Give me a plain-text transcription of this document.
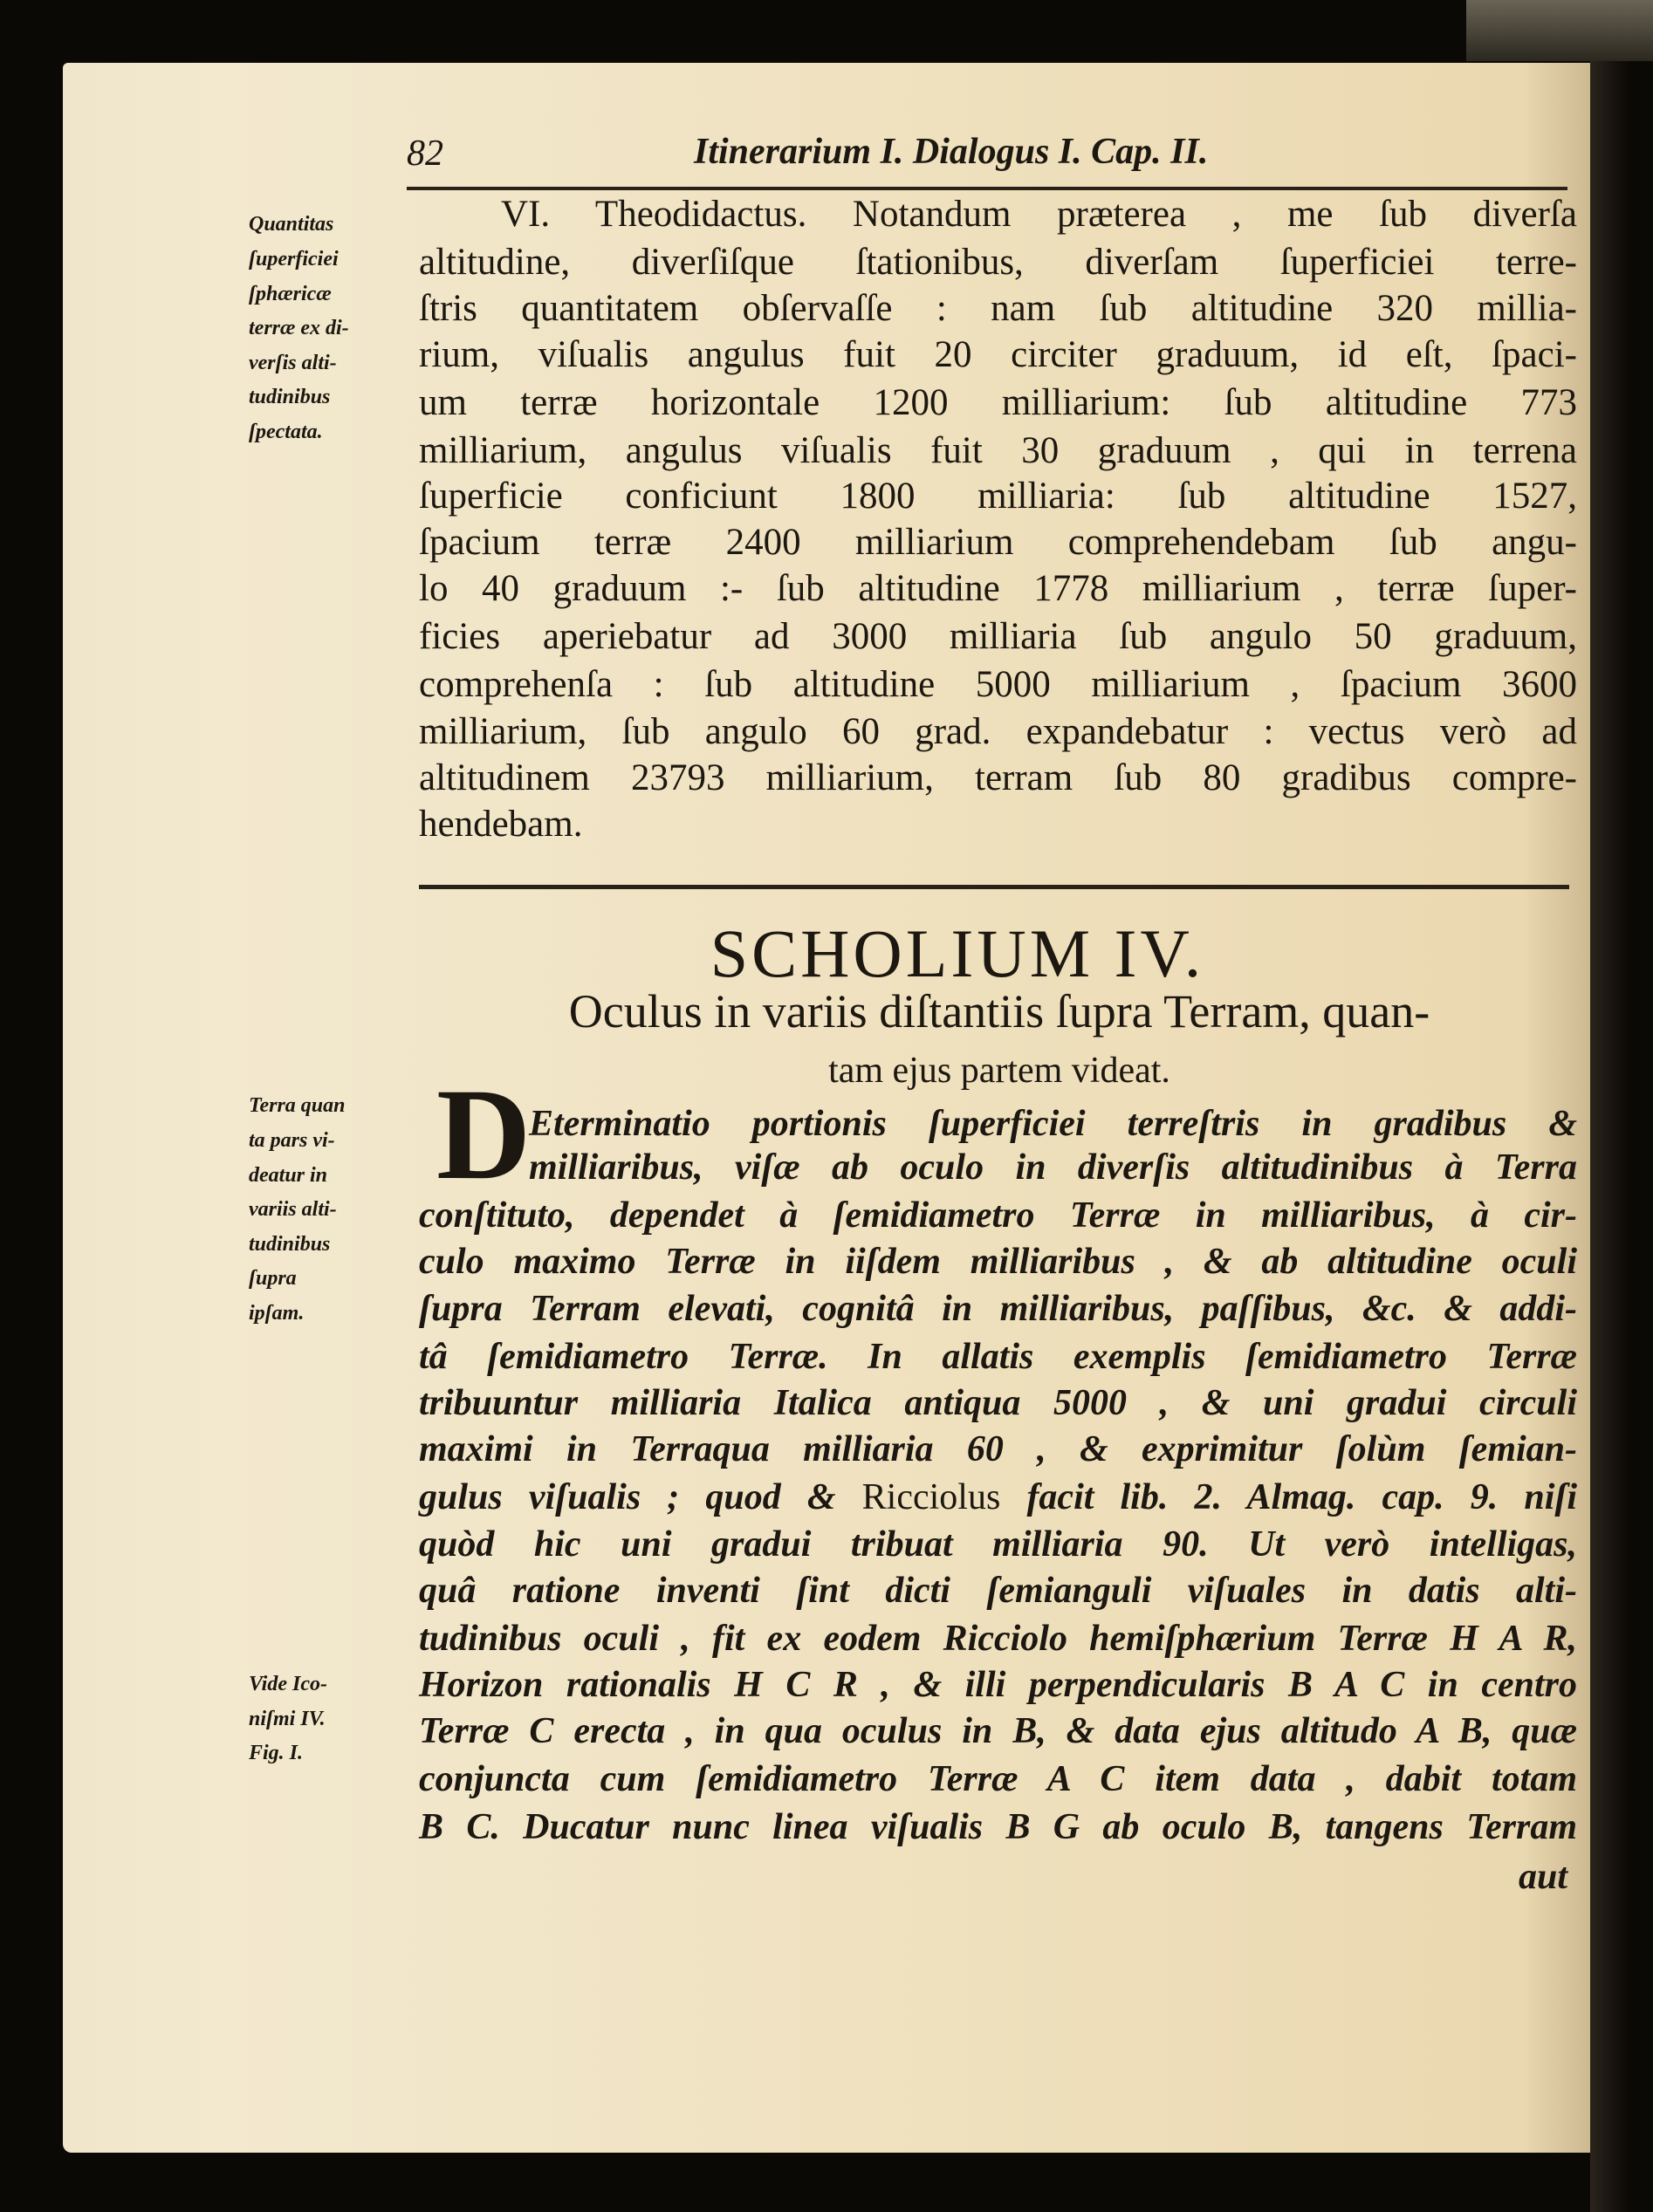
82	Itinerarium I. Dialogus I. Cap. II.
Quantitas
ſuperficiei
ſphæricæ
terræ ex di-
verſis alti-
tudinibus
ſpectata.
Terra quan
ta pars vi-
deatur in
variis alti-
tudinibus
ſupra
ipſam.
Vide Ico-
niſmi IV.
Fig. I.
VI. Theodidactus. Notandum præterea , me ſub diverſa
altitudine, diverſiſque ſtationibus, diverſam ſuperficiei terre-
ſtris quantitatem obſervaſſe : nam ſub altitudine 320 millia-
rium, viſualis angulus fuit 20 circiter graduum, id eſt, ſpaci-
um terræ horizontale 1200 milliarium: ſub altitudine 773
milliarium, angulus viſualis fuit 30 graduum , qui in terrena
ſuperficie conficiunt 1800 milliaria: ſub altitudine 1527,
ſpacium terræ 2400 milliarium comprehendebam ſub angu-
lo 40 graduum :- ſub altitudine 1778 milliarium , terræ ſuper-
ficies aperiebatur ad 3000 milliaria ſub angulo 50 graduum,
comprehenſa : ſub altitudine 5000 milliarium , ſpacium 3600
milliarium, ſub angulo 60 grad. expandebatur : vectus verò ad
altitudinem 23793 milliarium, terram ſub 80 gradibus compre-
hendebam.
SCHOLIUM IV.
Oculus in variis diſtantiis ſupra Terram, quan-
tam ejus partem videat.
D
Eterminatio portionis ſuperficiei terreſtris in gradibus &
milliaribus, viſæ ab oculo in diverſis altitudinibus à Terra
conſtituto, dependet à ſemidiametro Terræ in milliaribus, à cir-
culo maximo Terræ in iiſdem milliaribus , & ab altitudine oculi
ſupra Terram elevati, cognitâ in milliaribus, paſſibus, &c. & addi-
tâ ſemidiametro Terræ. In allatis exemplis ſemidiametro Terræ
tribuuntur milliaria Italica antiqua 5000 , & uni gradui circuli
maximi in Terraqua milliaria 60 , & exprimitur ſolùm ſemian-
gulus viſualis ; quod & Ricciolus facit lib. 2. Almag. cap. 9. niſi
quòd hic uni gradui tribuat milliaria 90. Ut verò intelligas,
quâ ratione inventi ſint dicti ſemianguli viſuales in datis alti-
tudinibus oculi , fit ex eodem Ricciolo hemiſphærium Terræ H A R,
Horizon rationalis H C R , & illi perpendicularis B A C in centro
Terræ C erecta , in qua oculus in B, & data ejus altitudo A B, quæ
conjuncta cum ſemidiametro Terræ A C item data , dabit totam
B C. Ducatur nunc linea viſualis B G ab oculo B, tangens Terram
aut
